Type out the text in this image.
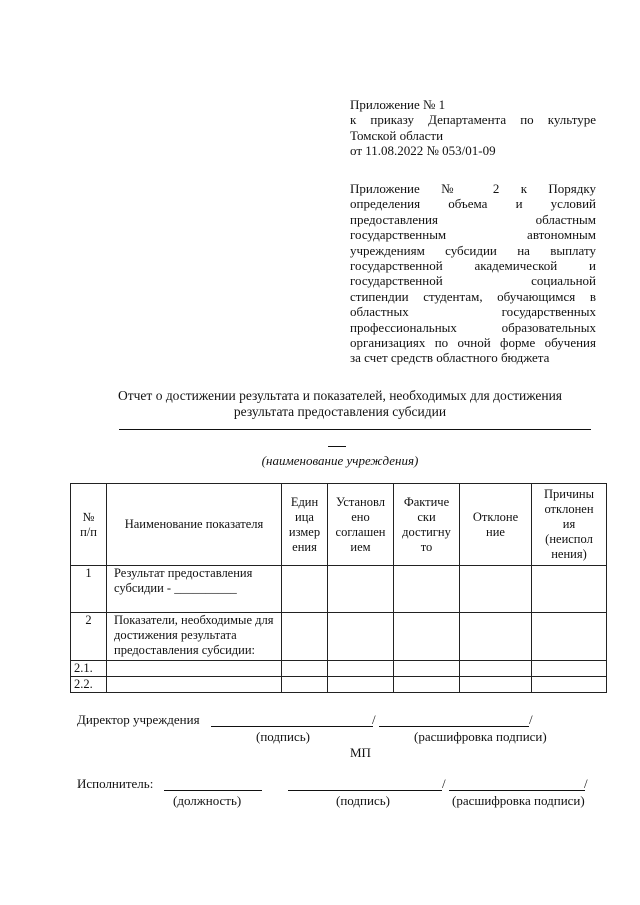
Приложение № 1
к приказу Департамента по культуре
Томской области
от 11.08.2022 № 053/01-09
Приложение № 2 к Порядку
определения объема и условий
предоставления областным
государственным автономным
учреждениям субсидии на выплату
государственной академической и
государственной социальной
стипендии студентам, обучающимся в
областных государственных
профессиональных образовательных
организациях по очной форме обучения
за счет средств областного бюджета
Отчет о достижении результата и показателей, необходимых для достижения
результата предоставления субсидии
(наименование учреждения)
№
п/п	Наименование показателя	Един
ица
измер
ения	Установл
ено
соглашен
ием	Фактиче
ски
достигну
то	Отклоне
ние	Причины
отклонен
ия
(неиспол
нения)
1	Результат предоставления субсидии - __________					
2	Показатели, необходимые для достижения результата предоставления субсидии:					
2.1.						
2.2.						
Директор учреждения	/	/
(подпись)	(расшифровка подписи)
МП
Исполнитель:	/	/
(должность)	(подпись)	(расшифровка подписи)
